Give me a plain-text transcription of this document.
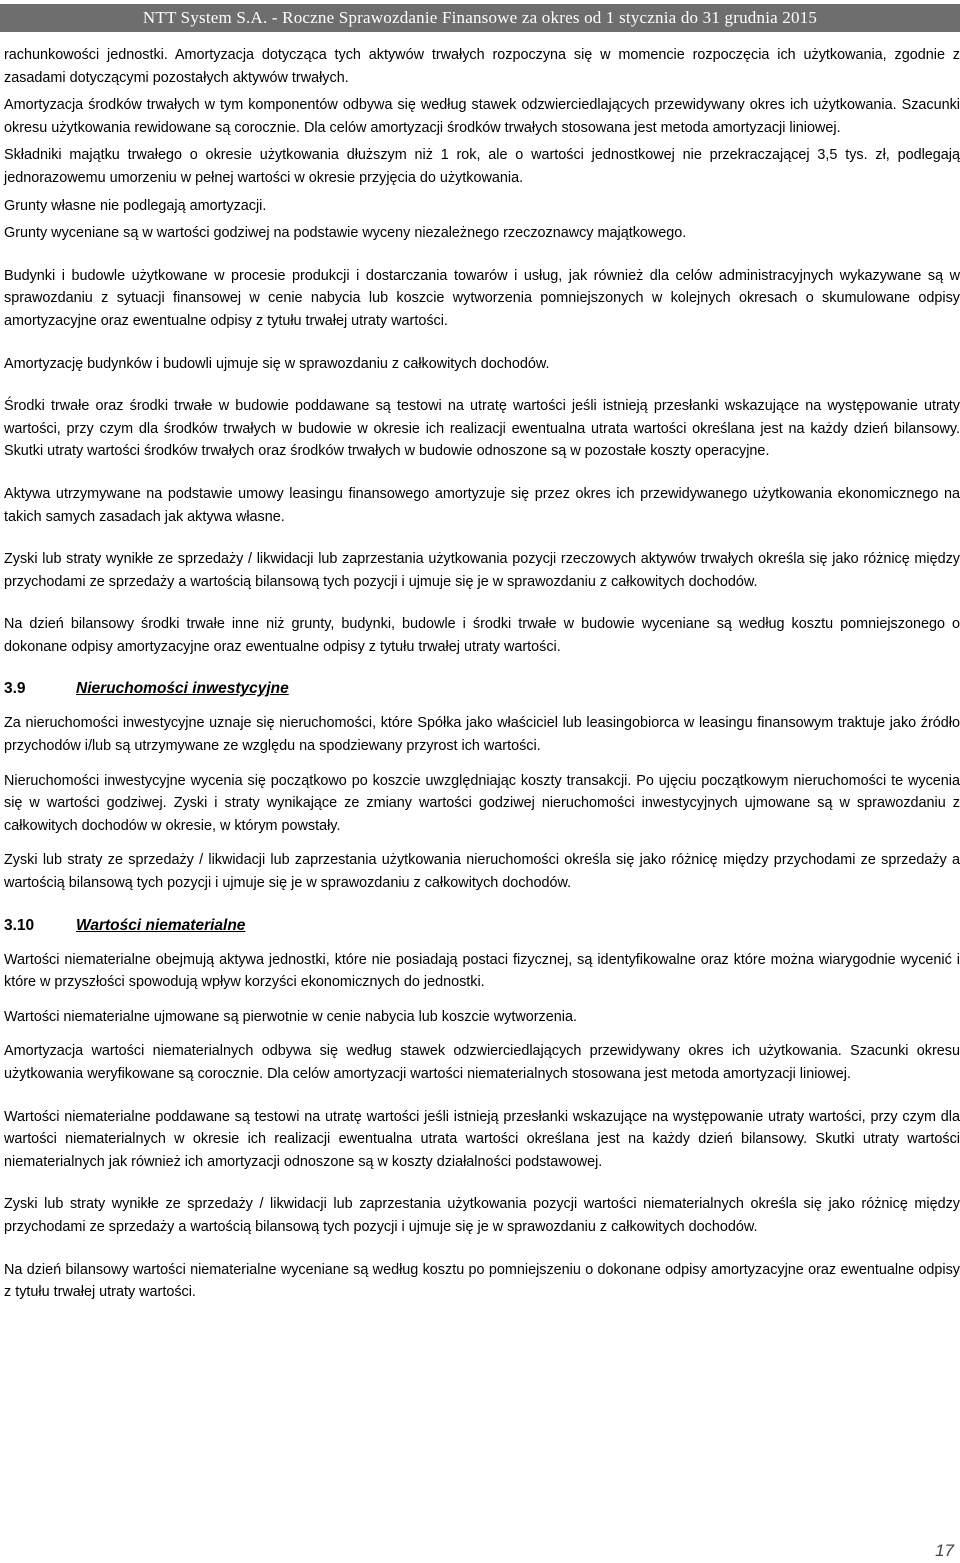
NTT System S.A. - Roczne Sprawozdanie Finansowe za okres od 1 stycznia do 31 grudnia 2015

rachunkowości jednostki. Amortyzacja dotycząca tych aktywów trwałych rozpoczyna się w momencie rozpoczęcia ich użytkowania, zgodnie z zasadami dotyczącymi pozostałych aktywów trwałych.

Amortyzacja środków trwałych w tym komponentów odbywa się według stawek odzwierciedlających przewidywany okres ich użytkowania. Szacunki okresu użytkowania rewidowane są corocznie. Dla celów amortyzacji środków trwałych stosowana jest metoda amortyzacji liniowej.

Składniki majątku trwałego o okresie użytkowania dłuższym niż 1 rok, ale o wartości jednostkowej nie przekraczającej 3,5 tys. zł, podlegają jednorazowemu umorzeniu w pełnej wartości w okresie przyjęcia do użytkowania.

Grunty własne nie podlegają amortyzacji.

Grunty wyceniane są w wartości godziwej na podstawie wyceny niezależnego rzeczoznawcy majątkowego.

Budynki i budowle użytkowane w procesie produkcji i dostarczania towarów i usług, jak również dla celów administracyjnych wykazywane są w sprawozdaniu z sytuacji finansowej w cenie nabycia lub koszcie wytworzenia pomniejszonych w kolejnych okresach o skumulowane odpisy amortyzacyjne oraz ewentualne odpisy z tytułu trwałej utraty wartości.

Amortyzację budynków i budowli ujmuje się w sprawozdaniu z całkowitych dochodów.

Środki trwałe oraz środki trwałe w budowie poddawane są testowi na utratę wartości jeśli istnieją przesłanki wskazujące na występowanie utraty wartości, przy czym dla środków trwałych w budowie w okresie ich realizacji ewentualna utrata wartości określana jest na każdy dzień bilansowy. Skutki utraty wartości środków trwałych oraz środków trwałych w budowie odnoszone są w pozostałe koszty operacyjne.

Aktywa utrzymywane na podstawie umowy leasingu finansowego amortyzuje się przez okres ich przewidywanego użytkowania ekonomicznego na takich samych zasadach jak aktywa własne.

Zyski lub straty wynikłe ze sprzedaży / likwidacji lub zaprzestania użytkowania pozycji rzeczowych aktywów trwałych określa się jako różnicę między przychodami ze sprzedaży a wartością bilansową tych pozycji i ujmuje się je w sprawozdaniu z całkowitych dochodów.

Na dzień bilansowy środki trwałe inne niż grunty, budynki, budowle i środki trwałe w budowie wyceniane są według kosztu pomniejszonego o dokonane odpisy amortyzacyjne oraz ewentualne odpisy z tytułu trwałej utraty wartości.

3.9	Nieruchomości inwestycyjne

Za nieruchomości inwestycyjne uznaje się nieruchomości, które Spółka jako właściciel lub leasingobiorca w leasingu finansowym traktuje jako źródło przychodów i/lub są utrzymywane ze względu na spodziewany przyrost ich wartości.

Nieruchomości inwestycyjne wycenia się początkowo po koszcie uwzględniając koszty transakcji. Po ujęciu początkowym nieruchomości te wycenia się w wartości godziwej. Zyski i straty wynikające ze zmiany wartości godziwej nieruchomości inwestycyjnych ujmowane są w sprawozdaniu z całkowitych dochodów w okresie, w którym powstały.

Zyski lub straty ze sprzedaży / likwidacji lub zaprzestania użytkowania nieruchomości określa się jako różnicę między przychodami ze sprzedaży a wartością bilansową tych pozycji i ujmuje się je w sprawozdaniu z całkowitych dochodów.

3.10	Wartości niematerialne

Wartości niematerialne obejmują aktywa jednostki, które nie posiadają postaci fizycznej, są identyfikowalne oraz które można wiarygodnie wycenić i które w przyszłości spowodują wpływ korzyści ekonomicznych do jednostki.

Wartości niematerialne ujmowane są pierwotnie w cenie nabycia lub koszcie wytworzenia.

Amortyzacja wartości niematerialnych odbywa się według stawek odzwierciedlających przewidywany okres ich użytkowania. Szacunki okresu użytkowania weryfikowane są corocznie. Dla celów amortyzacji wartości niematerialnych stosowana jest metoda amortyzacji liniowej.

Wartości niematerialne poddawane są testowi na utratę wartości jeśli istnieją przesłanki wskazujące na występowanie utraty wartości, przy czym dla wartości niematerialnych w okresie ich realizacji ewentualna utrata wartości określana jest na każdy dzień bilansowy. Skutki utraty wartości niematerialnych jak również ich amortyzacji odnoszone są w koszty działalności podstawowej.

Zyski lub straty wynikłe ze sprzedaży / likwidacji lub zaprzestania użytkowania pozycji wartości niematerialnych określa się jako różnicę między przychodami ze sprzedaży a wartością bilansową tych pozycji i ujmuje się je w sprawozdaniu z całkowitych dochodów.

Na dzień bilansowy wartości niematerialne wyceniane są według kosztu po pomniejszeniu o dokonane odpisy amortyzacyjne oraz ewentualne odpisy z tytułu trwałej utraty wartości.

17
